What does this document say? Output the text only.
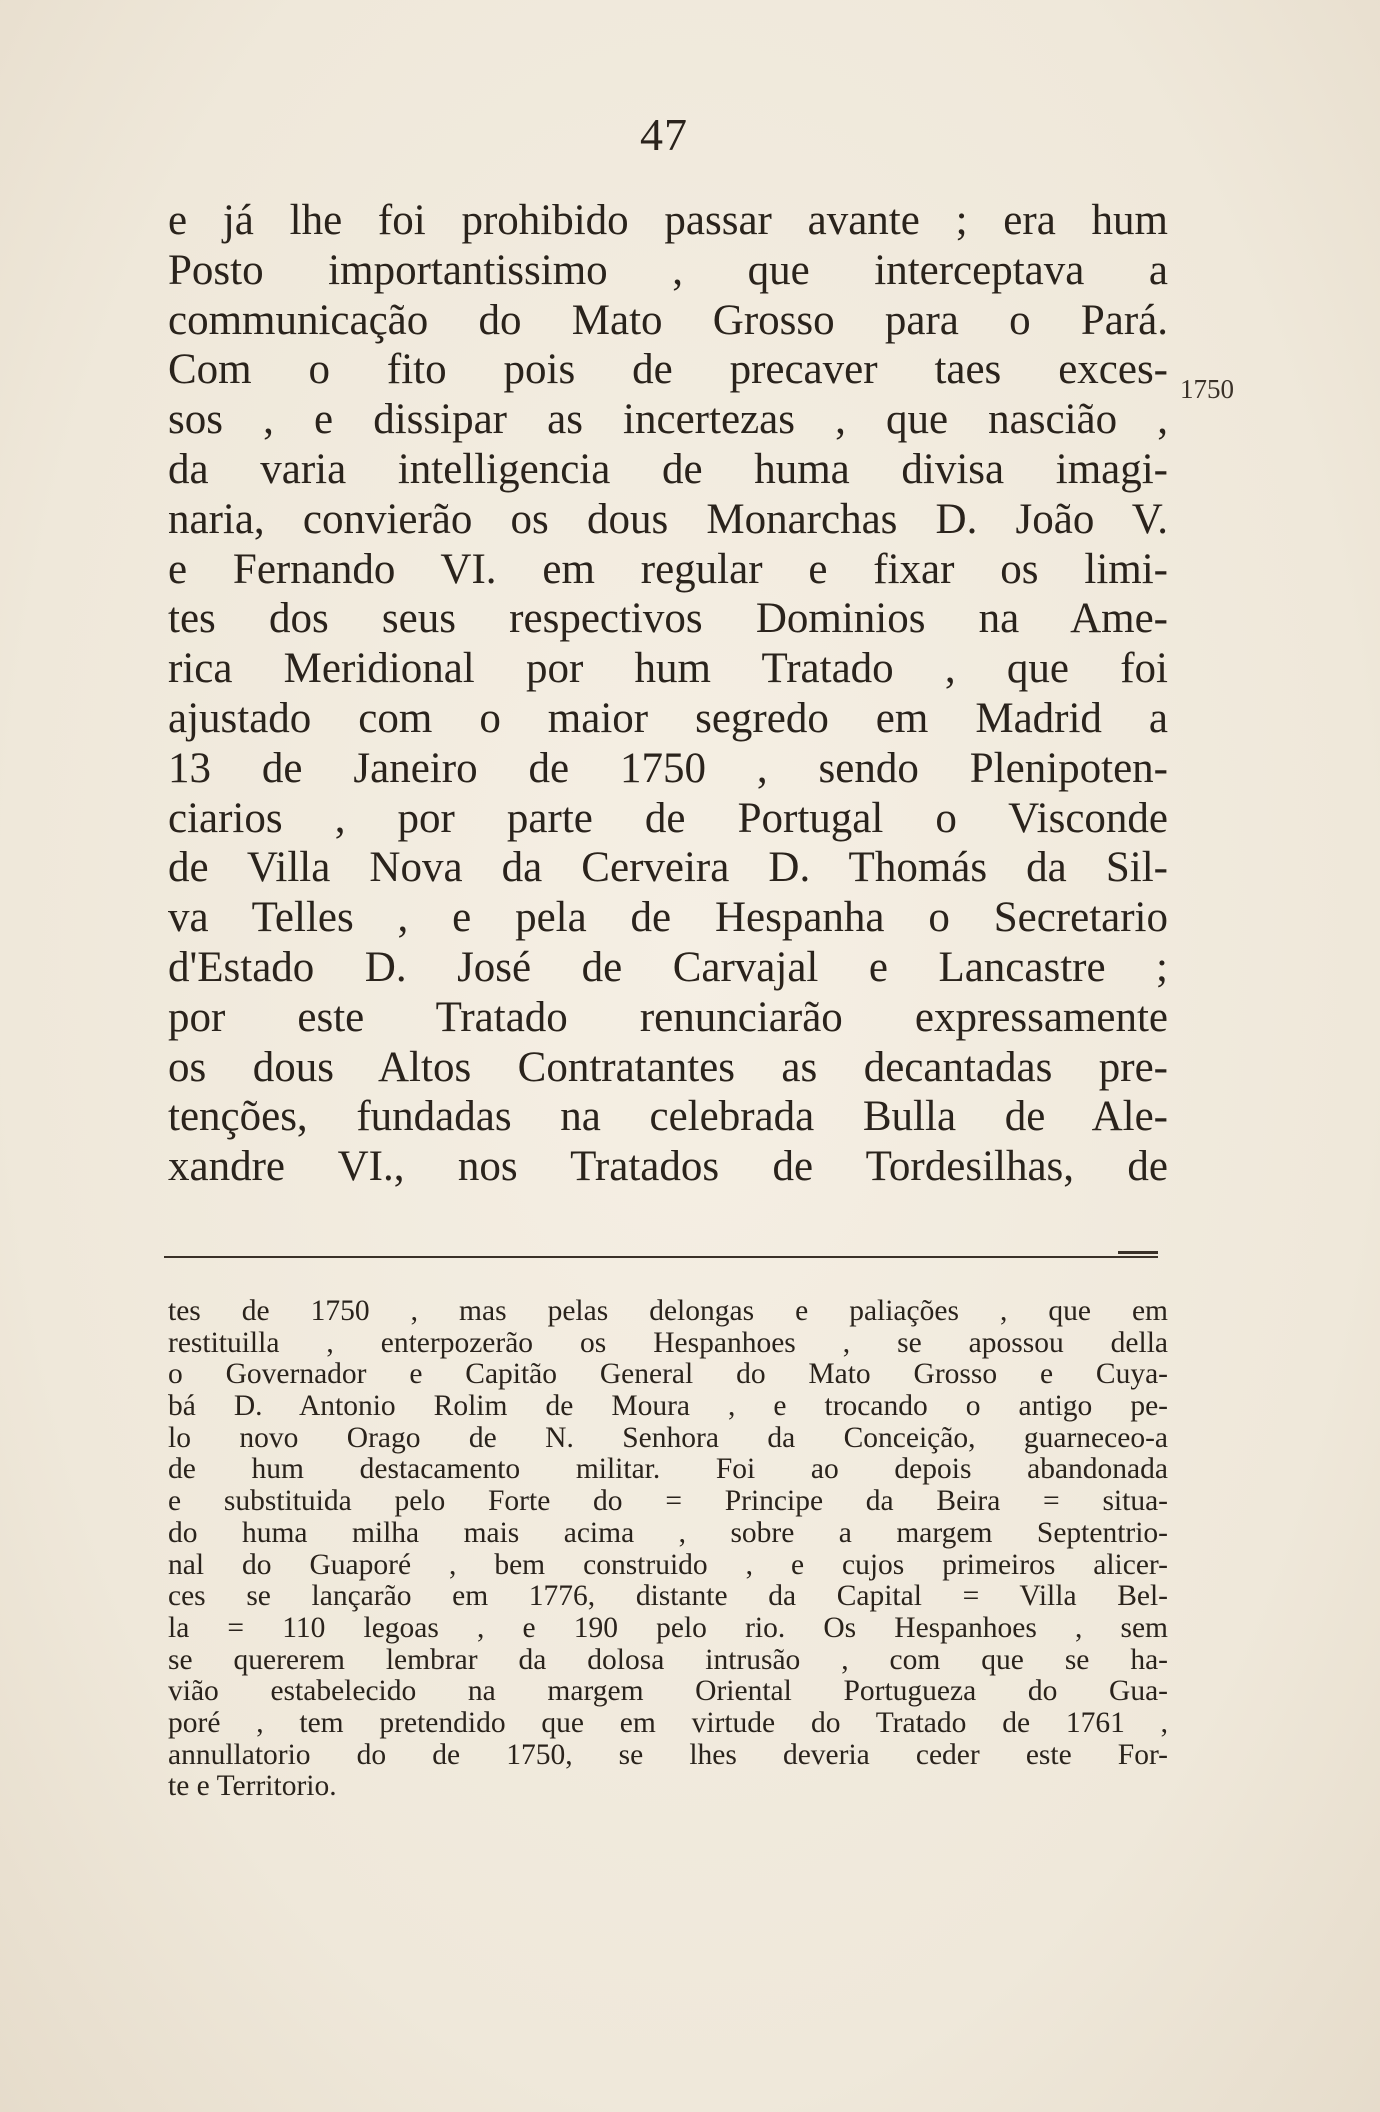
47
e já lhe foi prohibido passar avante ; era hum
Posto importantissimo , que interceptava a
communicação do Mato Grosso para o Pará.
Com o fito pois de precaver taes exces-
sos , e dissipar as incertezas , que nascião ,
da varia intelligencia de huma divisa imagi-
naria, convierão os dous Monarchas D. João V.
e Fernando VI. em regular e fixar os limi-
tes dos seus respectivos Dominios na Ame-
rica Meridional por hum Tratado , que foi
ajustado com o maior segredo em Madrid a
13 de Janeiro de 1750 , sendo Plenipoten-
ciarios , por parte de Portugal o Visconde
de Villa Nova da Cerveira D. Thomás da Sil-
va Telles , e pela de Hespanha o Secretario
d'Estado D. José de Carvajal e Lancastre ;
por este Tratado renunciarão expressamente
os dous Altos Contratantes as decantadas pre-
tenções, fundadas na celebrada Bulla de Ale-
xandre VI., nos Tratados de Tordesilhas, de
1750
tes de 1750 , mas pelas delongas e paliações , que em
restituilla , enterpozerão os Hespanhoes , se apossou della
o Governador e Capitão General do Mato Grosso e Cuya-
bá D. Antonio Rolim de Moura , e trocando o antigo pe-
lo novo Orago de N. Senhora da Conceição, guarneceo-a
de hum destacamento militar. Foi ao depois abandonada
e substituida pelo Forte do = Principe da Beira = situa-
do huma milha mais acima , sobre a margem Septentrio-
nal do Guaporé , bem construido , e cujos primeiros alicer-
ces se lançarão em 1776, distante da Capital = Villa Bel-
la = 110 legoas , e 190 pelo rio. Os Hespanhoes , sem
se quererem lembrar da dolosa intrusão , com que se ha-
vião estabelecido na margem Oriental Portugueza do Gua-
poré , tem pretendido que em virtude do Tratado de 1761 ,
annullatorio do de 1750, se lhes deveria ceder este For-
te e Territorio.
